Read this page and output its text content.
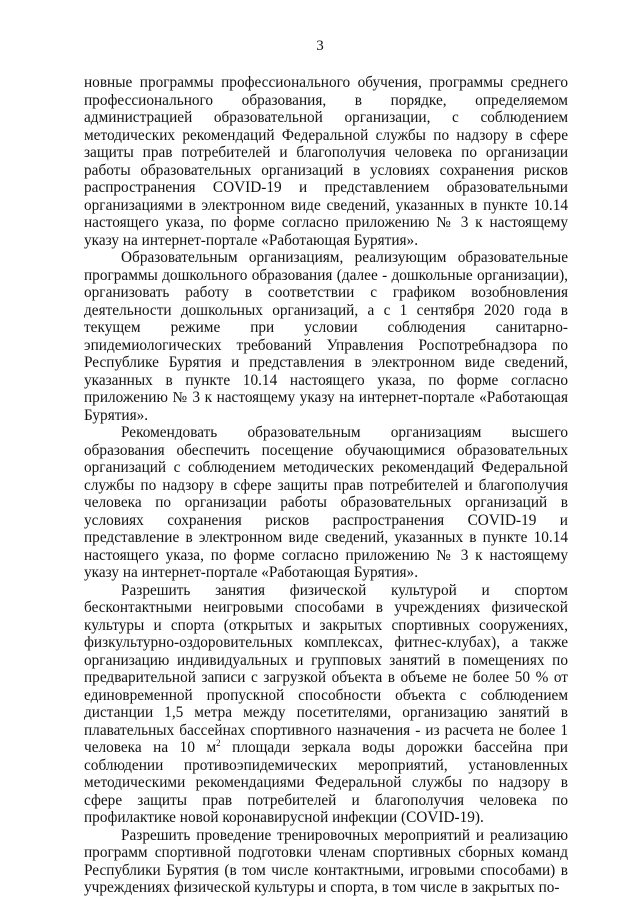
3

новные программы профессионального обучения, программы среднего профессионального образования, в порядке, определяемом администрацией образовательной организации, с соблюдением методических рекомендаций Федеральной службы по надзору в сфере защиты прав потребителей и благополучия человека по организации работы образовательных организаций в условиях сохранения рисков распространения COVID-19 и представлением образовательными организациями в электронном виде сведений, указанных в пункте 10.14 настоящего указа, по форме согласно приложению № 3 к настоящему указу на интернет-портале «Работающая Бурятия».

Образовательным организациям, реализующим образовательные программы дошкольного образования (далее - дошкольные организации), организовать работу в соответствии с графиком возобновления деятельности дошкольных организаций, а с 1 сентября 2020 года в текущем режиме при условии соблюдения санитарно-эпидемиологических требований Управления Роспотребнадзора по Республике Бурятия и представления в электронном виде сведений, указанных в пункте 10.14 настоящего указа, по форме согласно приложению № 3 к настоящему указу на интернет-портале «Работающая Бурятия».

Рекомендовать образовательным организациям высшего образования обеспечить посещение обучающимися образовательных организаций с соблюдением методических рекомендаций Федеральной службы по надзору в сфере защиты прав потребителей и благополучия человека по организации работы образовательных организаций в условиях сохранения рисков распространения COVID-19 и представление в электронном виде сведений, указанных в пункте 10.14 настоящего указа, по форме согласно приложению № 3 к настоящему указу на интернет-портале «Работающая Бурятия».

Разрешить занятия физической культурой и спортом бесконтактными неигровыми способами в учреждениях физической культуры и спорта (открытых и закрытых спортивных сооружениях, физкультурно-оздоровительных комплексах, фитнес-клубах), а также организацию индивидуальных и групповых занятий в помещениях по предварительной записи с загрузкой объекта в объеме не более 50 % от единовременной пропускной способности объекта с соблюдением дистанции 1,5 метра между посетителями, организацию занятий в плавательных бассейнах спортивного назначения - из расчета не более 1 человека на 10 $м^2$ площади зеркала воды дорожки бассейна при соблюдении противоэпидемических мероприятий, установленных методическими рекомендациями Федеральной службы по надзору в сфере защиты прав потребителей и благополучия человека по профилактике новой коронавирусной инфекции (COVID-19).

Разрешить проведение тренировочных мероприятий и реализацию программ спортивной подготовки членам спортивных сборных команд Республики Бурятия (в том числе контактными, игровыми способами) в учреждениях физической культуры и спорта, в том числе в закрытых по-
